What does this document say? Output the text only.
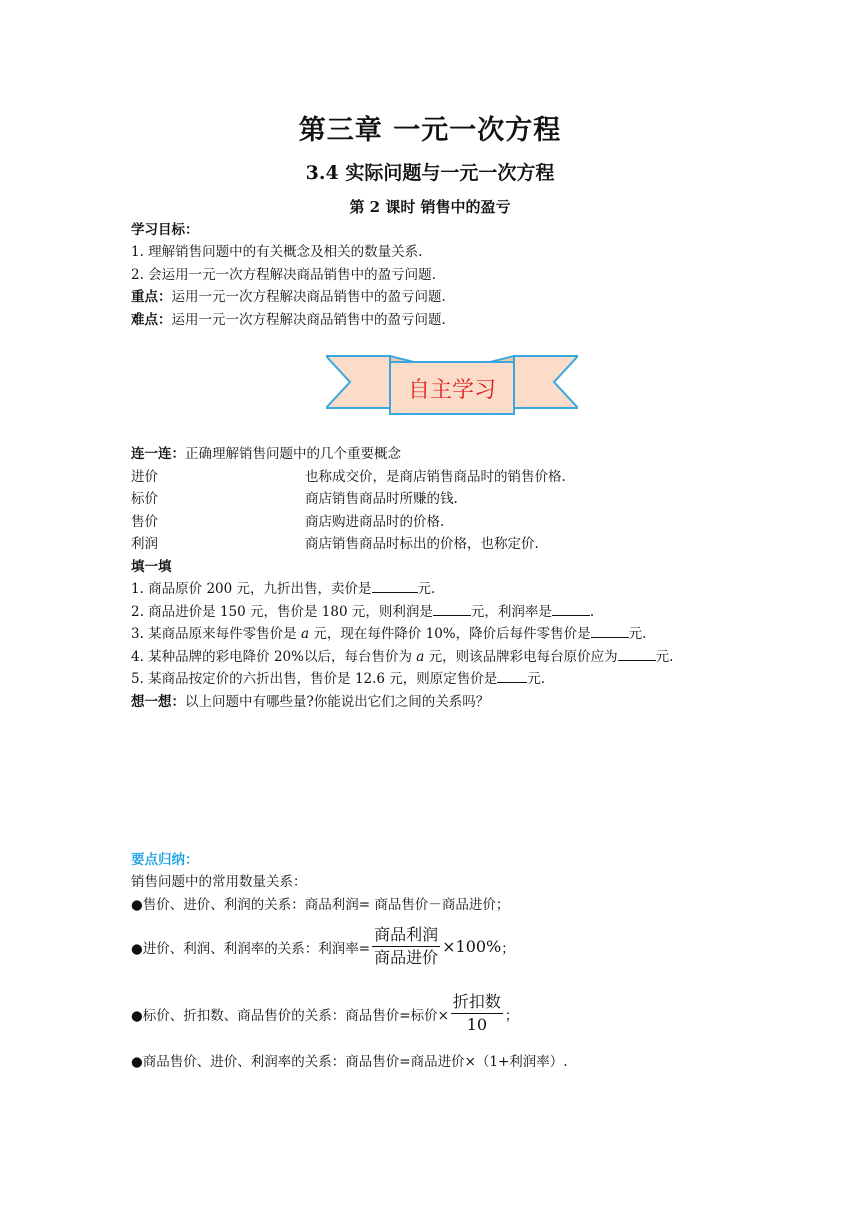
第三章 一元一次方程
3.4 实际问题与一元一次方程
第 2 课时 销售中的盈亏
学习目标：
1. 理解销售问题中的有关概念及相关的数量关系.
2. 会运用一元一次方程解决商品销售中的盈亏问题.
重点：运用一元一次方程解决商品销售中的盈亏问题.
难点：运用一元一次方程解决商品销售中的盈亏问题.
自主学习
连一连：正确理解销售问题中的几个重要概念
进价	也称成交价，是商店销售商品时的销售价格.
标价	商店销售商品时所赚的钱.
售价	商店购进商品时的价格.
利润	商店销售商品时标出的价格，也称定价.
填一填
1. 商品原价 200 元，九折出售，卖价是	元.
2. 商品进价是 150 元，售价是 180 元，则利润是	元，利润率是	.
3. 某商品原来每件零售价是 a 元，现在每件降价 10%，降价后每件零售价是	元.
4. 某种品牌的彩电降价 20%以后，每台售价为 a 元，则该品牌彩电每台原价应为	元.
5. 某商品按定价的六折出售，售价是 12.6 元，则原定售价是 元.
想一想：以上问题中有哪些量?你能说出它们之间的关系吗？
要点归纳：
销售问题中的常用数量关系：
●售价、进价、利润的关系：商品利润= 商品售价－商品进价；
●进价、利润、利润率的关系：利润率= $\frac{\text{商品利润}}{\text{商品进价}} \times 100\%$ ；
●标价、折扣数、商品售价的关系：商品售价=标价× $\frac{\text{折扣数}}{10}$ ；
●商品售价、进价、利润率的关系：商品售价=商品进价×（1+利润率）.
